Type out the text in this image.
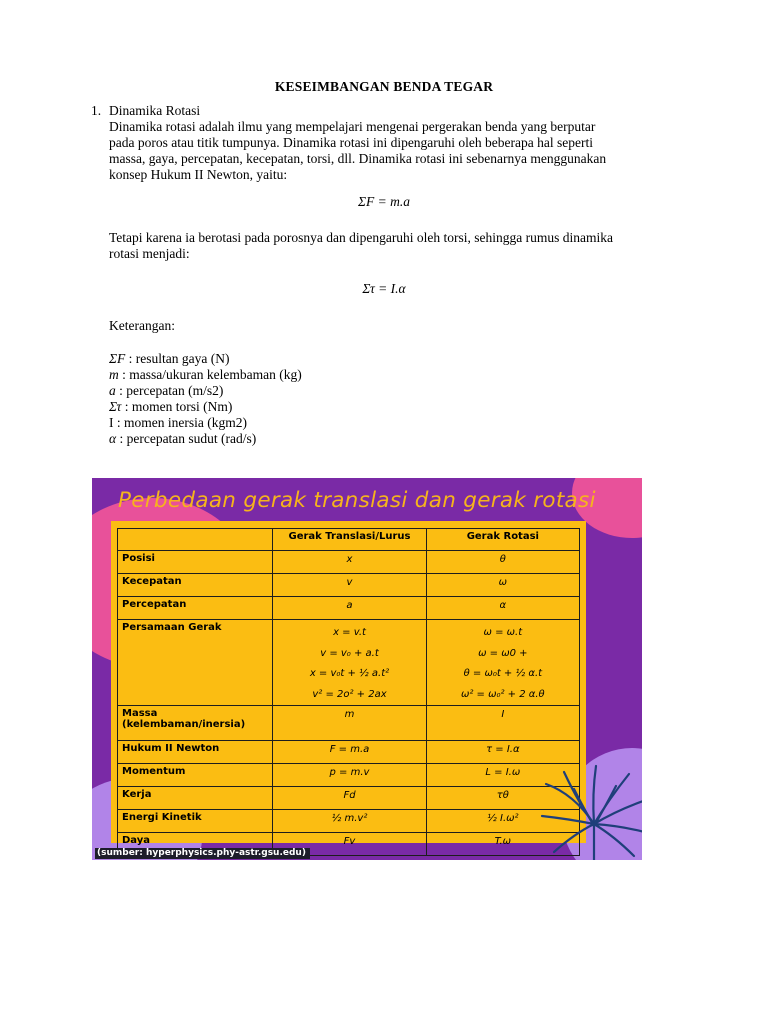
KESEIMBANGAN BENDA TEGAR
1. Dinamika Rotasi
Dinamika rotasi adalah ilmu yang mempelajari mengenai pergerakan benda yang berputar
pada poros atau titik tumpunya. Dinamika rotasi ini dipengaruhi oleh beberapa hal seperti
massa, gaya, percepatan, kecepatan, torsi, dll. Dinamika rotasi ini sebenarnya menggunakan
konsep Hukum II Newton, yaitu:
ΣF = m.a
Tetapi karena ia berotasi pada porosnya dan dipengaruhi oleh torsi, sehingga rumus dinamika
rotasi menjadi:
Στ = I.α
Keterangan:
ΣF : resultan gaya (N)
m : massa/ukuran kelembaman (kg)
a : percepatan (m/s2)
Στ : momen torsi (Nm)
I : momen inersia (kgm2)
α : percepatan sudut (rad/s)
Perbedaan gerak translasi dan gerak rotasi
	Gerak Translasi/Lurus	Gerak Rotasi
Posisi	x	θ
Kecepatan	v	ω
Percepatan	a	α
Persamaan Gerak	x = v.t
v = v₀ + a.t
x = v₀t + ½ a.t²
v² = 2o² + 2ax	ω = ω.t
ω = ω0 +
θ = ω₀t + ½ α.t
ω² = ω₀² + 2 α.θ

Massa (kelembaman/inersia)	m	I
Hukum II Newton	F = m.a	τ = I.α
Momentum	p = m.v	L = I.ω
Kerja	Fd	τθ
Energi Kinetik	½ m.v²	½ I.ω²
Daya	Fv	T.ω
(sumber: hyperphysics.phy-astr.gsu.edu)
